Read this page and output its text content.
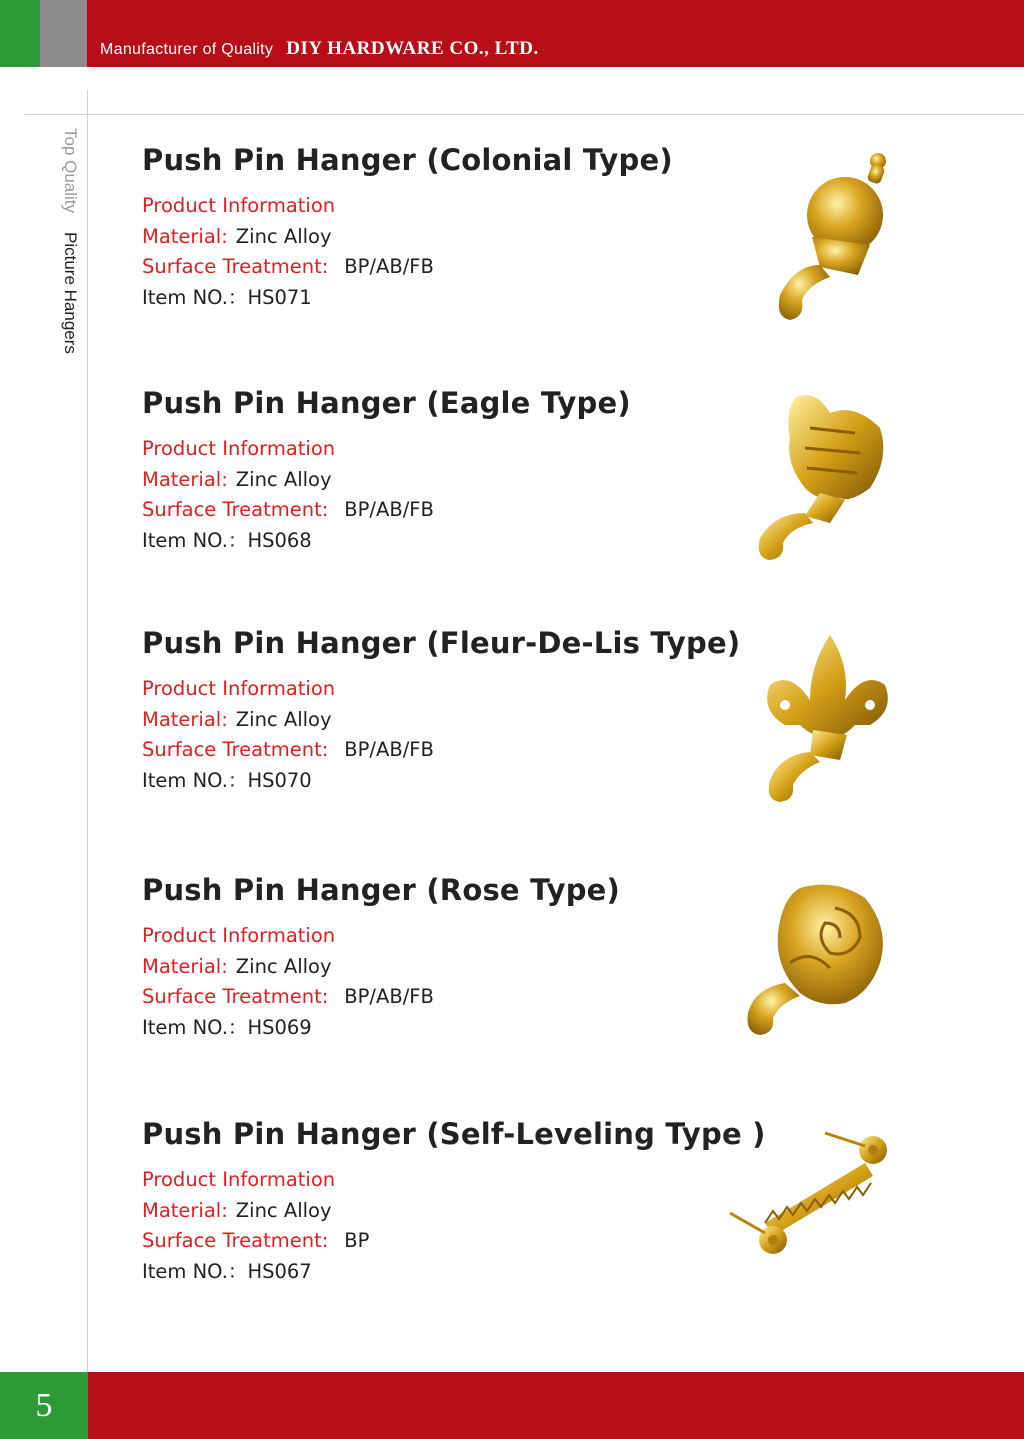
Manufacturer of Quality DIY HARDWARE CO., LTD.
Top Quality Picture Hangers
Push Pin Hanger (Colonial Type)
Product Information
Material: Zinc Alloy
Surface Treatment: BP/AB/FB
Item NO.：HS071
Push Pin Hanger (Eagle Type)
Product Information
Material: Zinc Alloy
Surface Treatment: BP/AB/FB
Item NO.：HS068
Push Pin Hanger (Fleur-De-Lis Type)
Product Information
Material: Zinc Alloy
Surface Treatment: BP/AB/FB
Item NO.：HS070
Push Pin Hanger (Rose Type)
Product Information
Material: Zinc Alloy
Surface Treatment: BP/AB/FB
Item NO.：HS069
Push Pin Hanger (Self-Leveling Type )
Product Information
Material: Zinc Alloy
Surface Treatment: BP
Item NO.：HS067
5
